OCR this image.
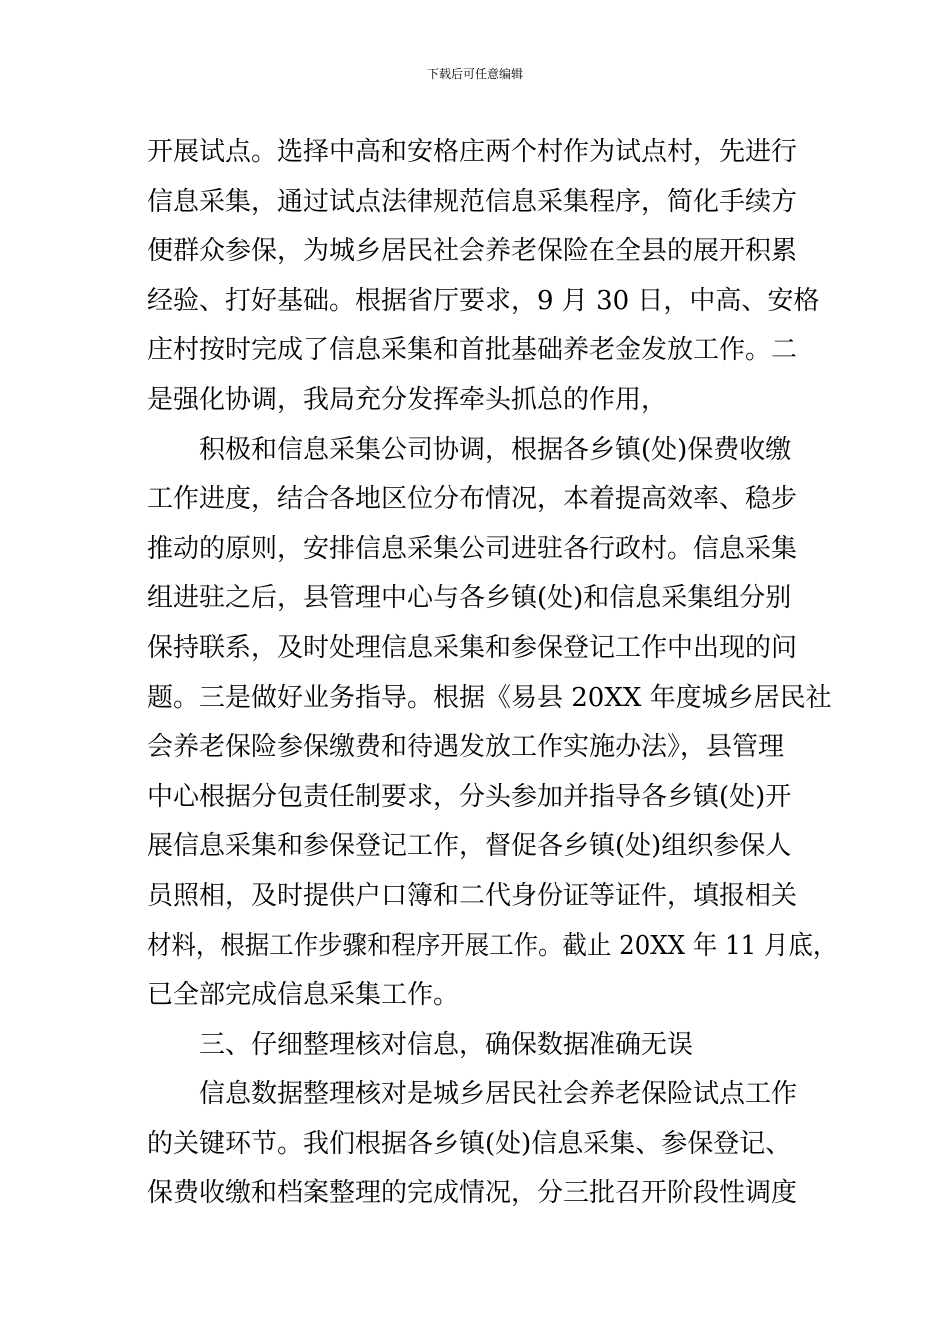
下载后可任意编辑
开展试点。选择中高和安格庄两个村作为试点村，先进行
信息采集，通过试点法律规范信息采集程序，简化手续方
便群众参保，为城乡居民社会养老保险在全县的展开积累
经验、打好基础。根据省厅要求，9 月 30 日，中高、安格
庄村按时完成了信息采集和首批基础养老金发放工作。二
是强化协调，我局充分发挥牵头抓总的作用，
积极和信息采集公司协调，根据各乡镇(处)保费收缴
工作进度，结合各地区位分布情况，本着提高效率、稳步
推动的原则，安排信息采集公司进驻各行政村。信息采集
组进驻之后，县管理中心与各乡镇(处)和信息采集组分别
保持联系，及时处理信息采集和参保登记工作中出现的问
题。三是做好业务指导。根据《易县 20XX 年度城乡居民社
会养老保险参保缴费和待遇发放工作实施办法》，县管理
中心根据分包责任制要求，分头参加并指导各乡镇(处)开
展信息采集和参保登记工作，督促各乡镇(处)组织参保人
员照相，及时提供户口簿和二代身份证等证件，填报相关
材料，根据工作步骤和程序开展工作。截止 20XX 年 11 月底，
已全部完成信息采集工作。
三、仔细整理核对信息，确保数据准确无误
信息数据整理核对是城乡居民社会养老保险试点工作
的关键环节。我们根据各乡镇(处)信息采集、参保登记、
保费收缴和档案整理的完成情况，分三批召开阶段性调度
